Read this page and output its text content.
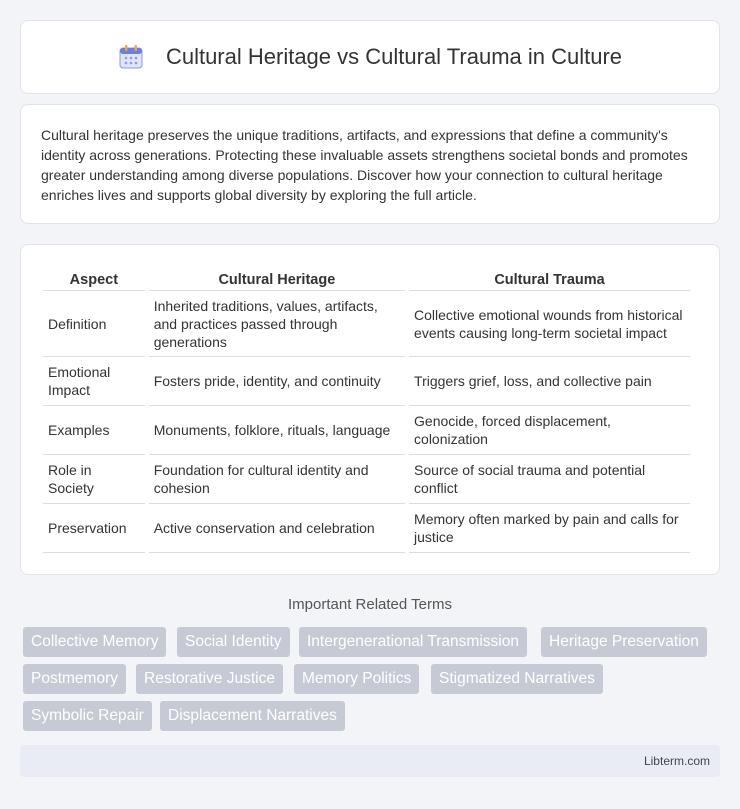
Cultural Heritage vs Cultural Trauma in Culture

Cultural heritage preserves the unique traditions, artifacts, and expressions that define a community's identity across generations. Protecting these invaluable assets strengthens societal bonds and promotes greater understanding among diverse populations. Discover how your connection to cultural heritage enriches lives and supports global diversity by exploring the full article.

Aspect	Cultural Heritage	Cultural Trauma
Definition	Inherited traditions, values, artifacts, and practices passed through generations	Collective emotional wounds from historical events causing long-term societal impact
Emotional Impact	Fosters pride, identity, and continuity	Triggers grief, loss, and collective pain
Examples	Monuments, folklore, rituals, language	Genocide, forced displacement, colonization
Role in Society	Foundation for cultural identity and cohesion	Source of social trauma and potential conflict
Preservation	Active conservation and celebration	Memory often marked by pain and calls for justice
Important Related Terms
Collective Memory	Social Identity	Intergenerational Transmission	Heritage Preservation
Postmemory	Restorative Justice	Memory Politics	Stigmatized Narratives
Symbolic Repair	Displacement Narratives
Libterm.com
